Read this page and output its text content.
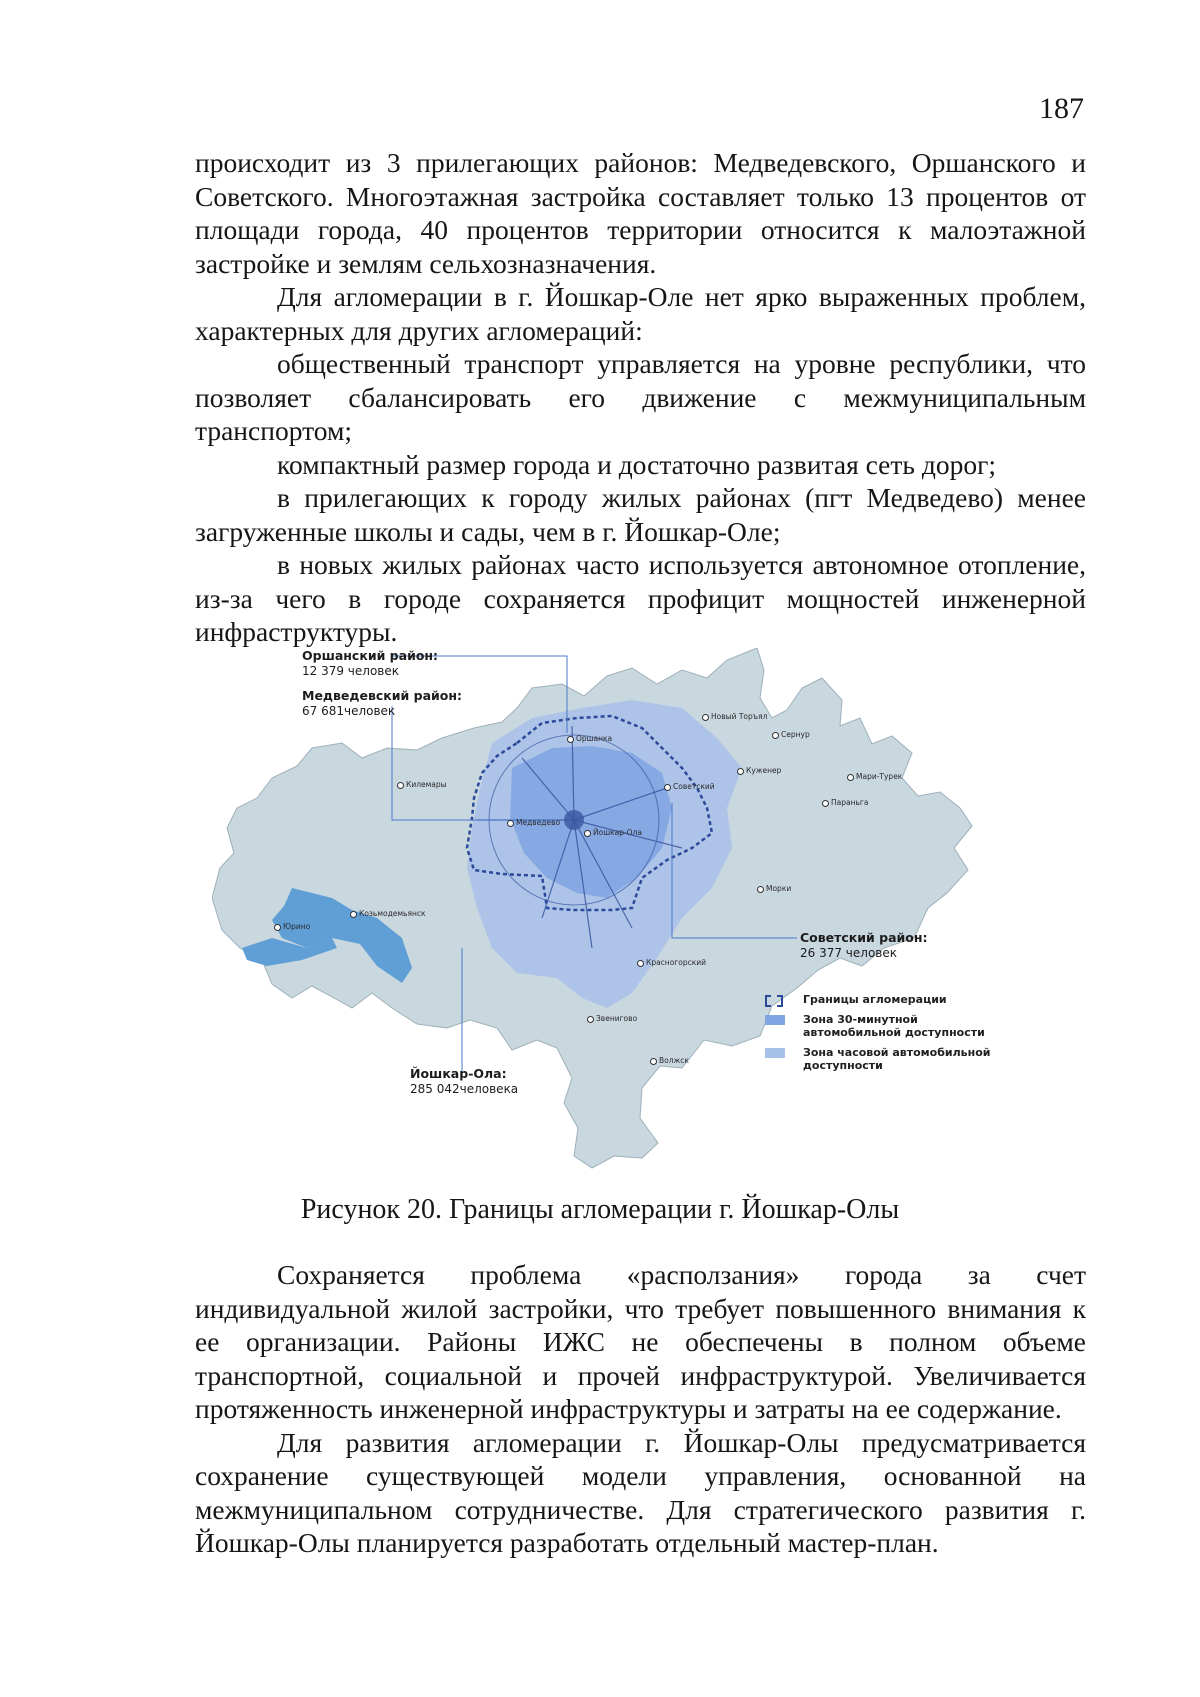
187

происходит из 3 прилегающих районов: Медведевского, Оршанского и Советского. Многоэтажная застройка составляет только 13 процентов от площади города, 40 процентов территории относится к малоэтажной застройке и землям сельхозназначения.

Для агломерации в г. Йошкар-Оле нет ярко выраженных проблем, характерных для других агломераций:

общественный транспорт управляется на уровне республики, что позволяет сбалансировать его движение с межмуниципальным транспортом;

компактный размер города и достаточно развитая сеть дорог;

в прилегающих к городу жилых районах (пгт Медведево) менее загруженные школы и сады, чем в г. Йошкар-Оле;

в новых жилых районах часто используется автономное отопление, из-за чего в городе сохраняется профицит мощностей инженерной инфраструктуры.

Оршанский район:
12 379 человек
Медведевский район:
67 681человек
Советский район:
26 377 человек
Йошкар-Ола:
285 042человека
Новый Торъял
Оршанка	Сернур
Куженер
Мари-Турек
Килемары	Советский
Параньга
Медведево
Йошкар-Ола
Морки
Козьмодемьянск
Юрино
Красногорский
Звенигово
Волжск
Границы агломерации
Зона 30-минутной автомобильной доступности
Зона часовой автомобильной доступности
Рисунок 20. Границы агломерации г. Йошкар-Олы

Сохраняется проблема «расползания» города за счет индивидуальной жилой застройки, что требует повышенного внимания к ее организации. Районы ИЖС не обеспечены в полном объеме транспортной, социальной и прочей инфраструктурой. Увеличивается протяженность инженерной инфраструктуры и затраты на ее содержание.

Для развития агломерации г. Йошкар-Олы предусматривается сохранение существующей модели управления, основанной на межмуниципальном сотрудничестве. Для стратегического развития г. Йошкар-Олы планируется разработать отдельный мастер-план.
